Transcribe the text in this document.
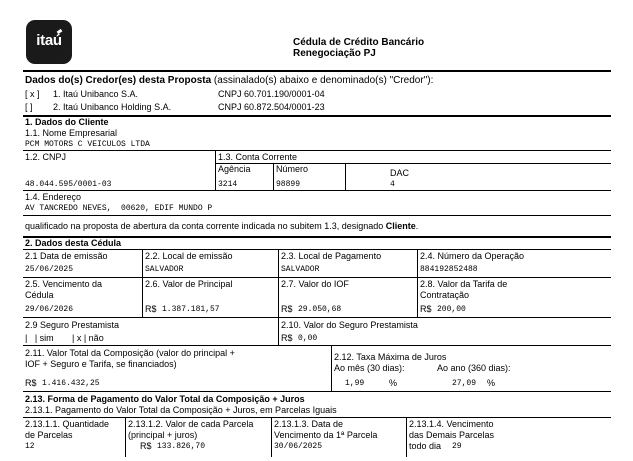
itaú	Cédula de Crédito Bancário
Renegociação PJ
Dados do(s) Credor(es) desta Proposta (assinalado(s) abaixo e denominado(s) "Credor"):
[ x ] 1. Itaú Unibanco S.A.	CNPJ 60.701.190/0001-04
[ ] 2. Itaú Unibanco Holding S.A.	CNPJ 60.872.504/0001-23
1. Dados do Cliente
1.1. Nome Empresarial
PCM MOTORS C VEICULOS LTDA
1.2. CNPJ
48.044.595/0001-03
1.3. Conta Corrente
Agência
3214
Número
98899
DAC
4
1.4. Endereço
AV TANCREDO NEVES,  00620, EDIF MUNDO P
qualificado na proposta de abertura da conta corrente indicada no subitem 1.3, designado Cliente.
2. Dados desta Cédula
2.1 Data de emissão
25/06/2025
2.2. Local de emissão
SALVADOR
2.3. Local de Pagamento
SALVADOR
2.4. Número da Operação
884192852488
2.5. Vencimento da
Cédula
29/06/2026
2.6. Valor de Principal
R$ 1.387.181,57
2.7. Valor do IOF
R$ 29.050,68
2.8. Valor da Tarifa de
Contratação
R$ 200,00
2.9 Seguro Prestamista
|   | sim | x | não
2.10. Valor do Seguro Prestamista
R$ 0,00
2.11. Valor Total da Composição (valor do principal +
IOF + Seguro e Tarifa, se financiados)
R$ 1.416.432,25
2.12. Taxa Máxima de Juros
Ao mês (30 dias):	Ao ano (360 dias):
1,99	%	27,09 %
2.13. Forma de Pagamento do Valor Total da Composição + Juros
2.13.1. Pagamento do Valor Total da Composição + Juros, em Parcelas Iguais
2.13.1.1. Quantidade
de Parcelas
12
2.13.1.2. Valor de cada Parcela
(principal + juros)
R$ 133.826,70
2.13.1.3. Data de
Vencimento da 1ª Parcela
30/06/2025
2.13.1.4. Vencimento
das Demais Parcelas
todo dia 29
